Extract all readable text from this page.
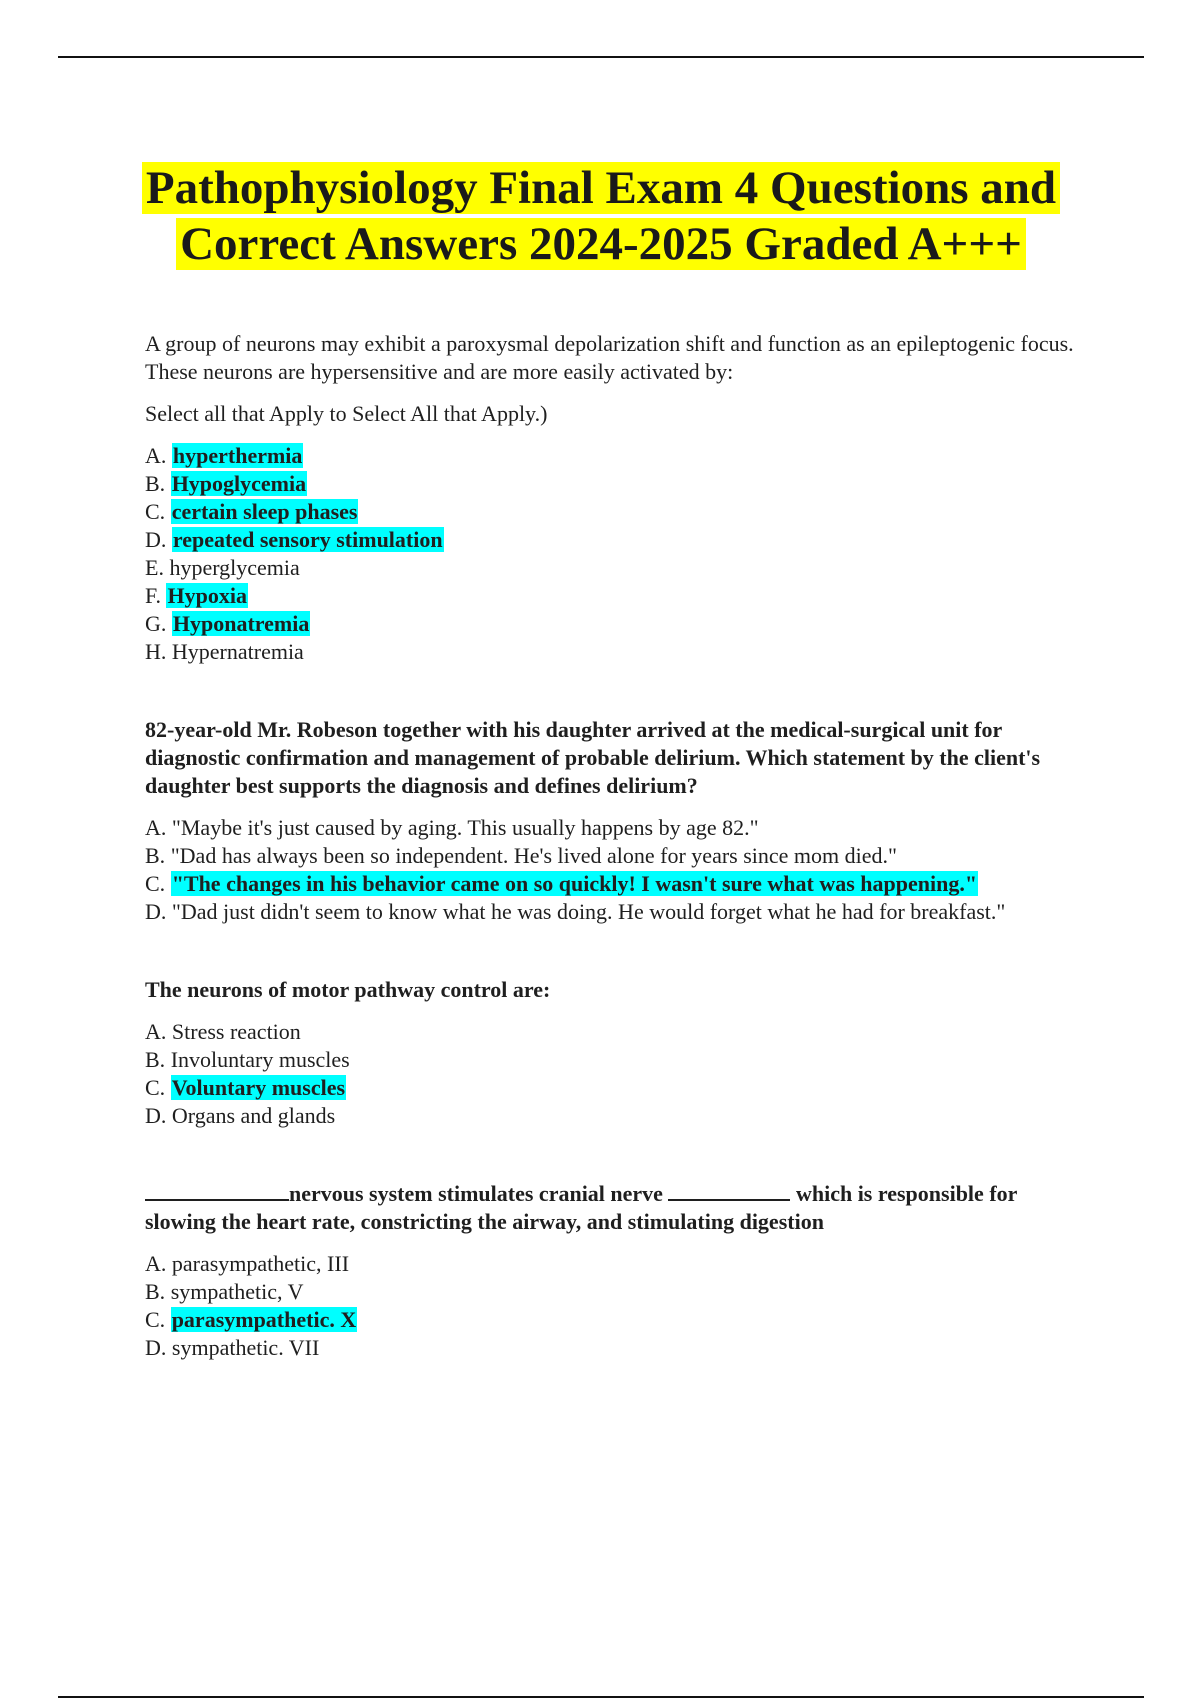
Pathophysiology Final Exam 4 Questions and
Correct Answers 2024-2025 Graded A+++

A group of neurons may exhibit a paroxysmal depolarization shift and function as an epileptogenic focus. These neurons are hypersensitive and are more easily activated by:

Select all that Apply to Select All that Apply.)

A. hyperthermia
B. Hypoglycemia
C. certain sleep phases
D. repeated sensory stimulation
E. hyperglycemia
F. Hypoxia
G. Hyponatremia
H. Hypernatremia

82-year-old Mr. Robeson together with his daughter arrived at the medical-surgical unit for diagnostic confirmation and management of probable delirium. Which statement by the client's daughter best supports the diagnosis and defines delirium?

A. "Maybe it's just caused by aging. This usually happens by age 82."
B. "Dad has always been so independent. He's lived alone for years since mom died."
C. "The changes in his behavior came on so quickly! I wasn't sure what was happening."
D. "Dad just didn't seem to know what he was doing. He would forget what he had for breakfast."

The neurons of motor pathway control are:

A. Stress reaction
B. Involuntary muscles
C. Voluntary muscles
D. Organs and glands

nervous system stimulates cranial nerve	which is responsible for slowing the heart rate, constricting the airway, and stimulating digestion

A. parasympathetic, III
B. sympathetic, V
C. parasympathetic. X
D. sympathetic. VII
